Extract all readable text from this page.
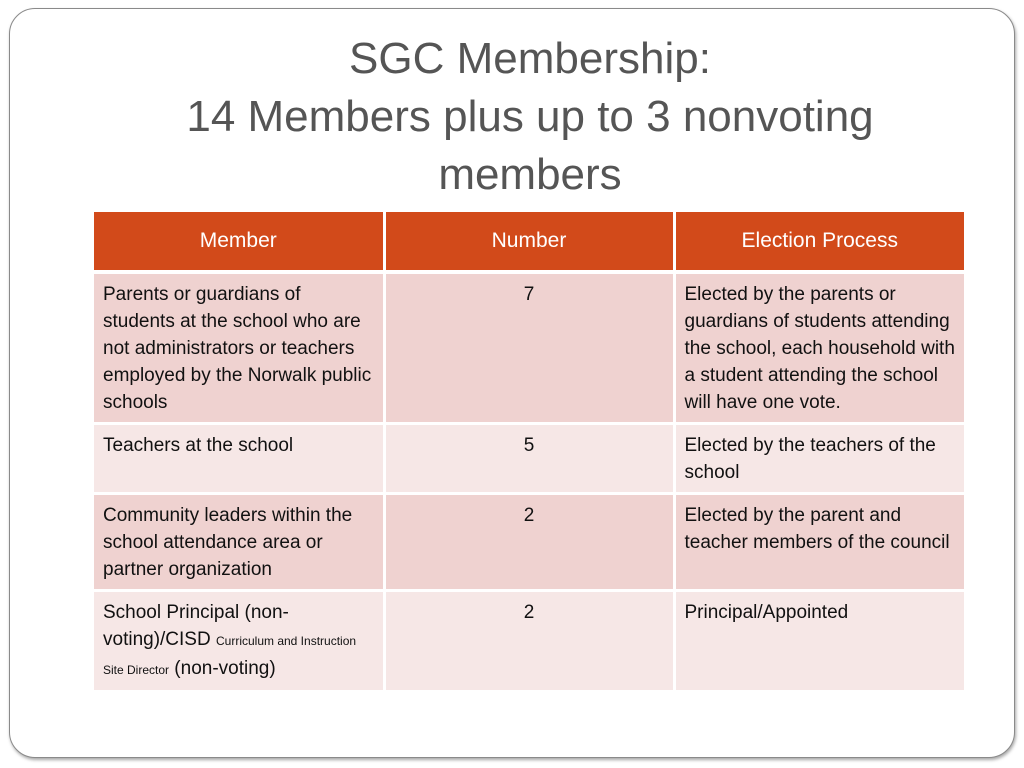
SGC Membership:
14 Members plus up to 3 nonvoting
members
Member	Number	Election Process
Parents or guardians of students at the school who are not administrators or teachers employed by the Norwalk public schools	7	Elected by the parents or guardians of students attending the school, each household with a student attending the school will have one vote.
Teachers at the school	5	Elected by the teachers of the school
Community leaders within the school attendance area or partner organization	2	Elected by the parent and teacher members of the council
School Principal (non-voting)/CISD Curriculum and Instruction Site Director (non-voting)	2	Principal/Appointed
